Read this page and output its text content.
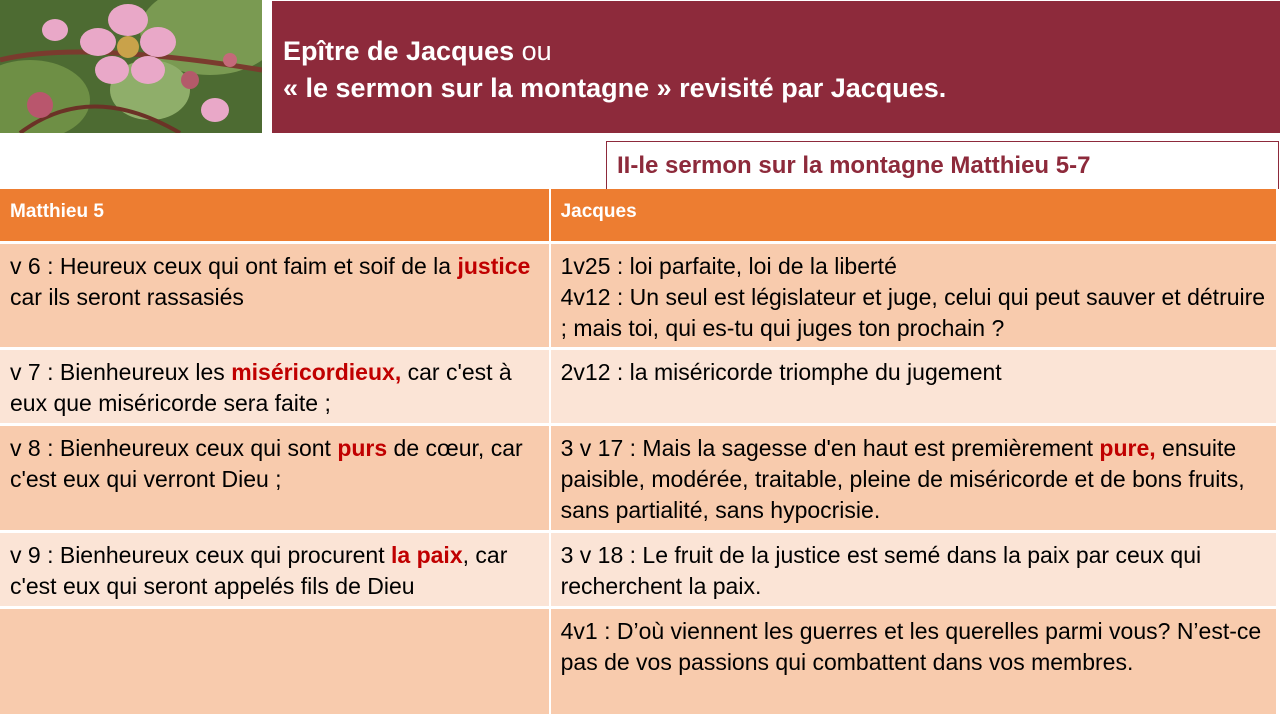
Epître de Jacques ou
« le sermon sur la montagne » revisité par Jacques.
II-le sermon sur la montagne Matthieu 5-7
Matthieu 5	Jacques
v 6 : Heureux ceux qui ont faim et soif de la justice car ils seront rassasiés	1v25 : loi parfaite, loi de la liberté
4v12 : Un seul est législateur et juge, celui qui peut sauver et détruire ; mais toi, qui es-tu qui juges ton prochain ?

v 7 : Bienheureux les miséricordieux, car c'est à eux que miséricorde sera faite ;	2v12 : la miséricorde triomphe du jugement

v 8 : Bienheureux ceux qui sont purs de cœur, car c'est eux qui verront Dieu ;	3 v 17 : Mais la sagesse d'en haut est premièrement pure, ensuite paisible, modérée, traitable, pleine de miséricorde et de bons fruits, sans partialité, sans hypocrisie.
v 9 : Bienheureux ceux qui procurent la paix, car c'est eux qui seront appelés fils de Dieu	3 v 18 : Le fruit de la justice est semé dans la paix par ceux qui recherchent la paix.

	4v1 : D’où viennent les guerres et les querelles parmi vous? N’est-ce pas de vos passions qui combattent dans vos membres.
